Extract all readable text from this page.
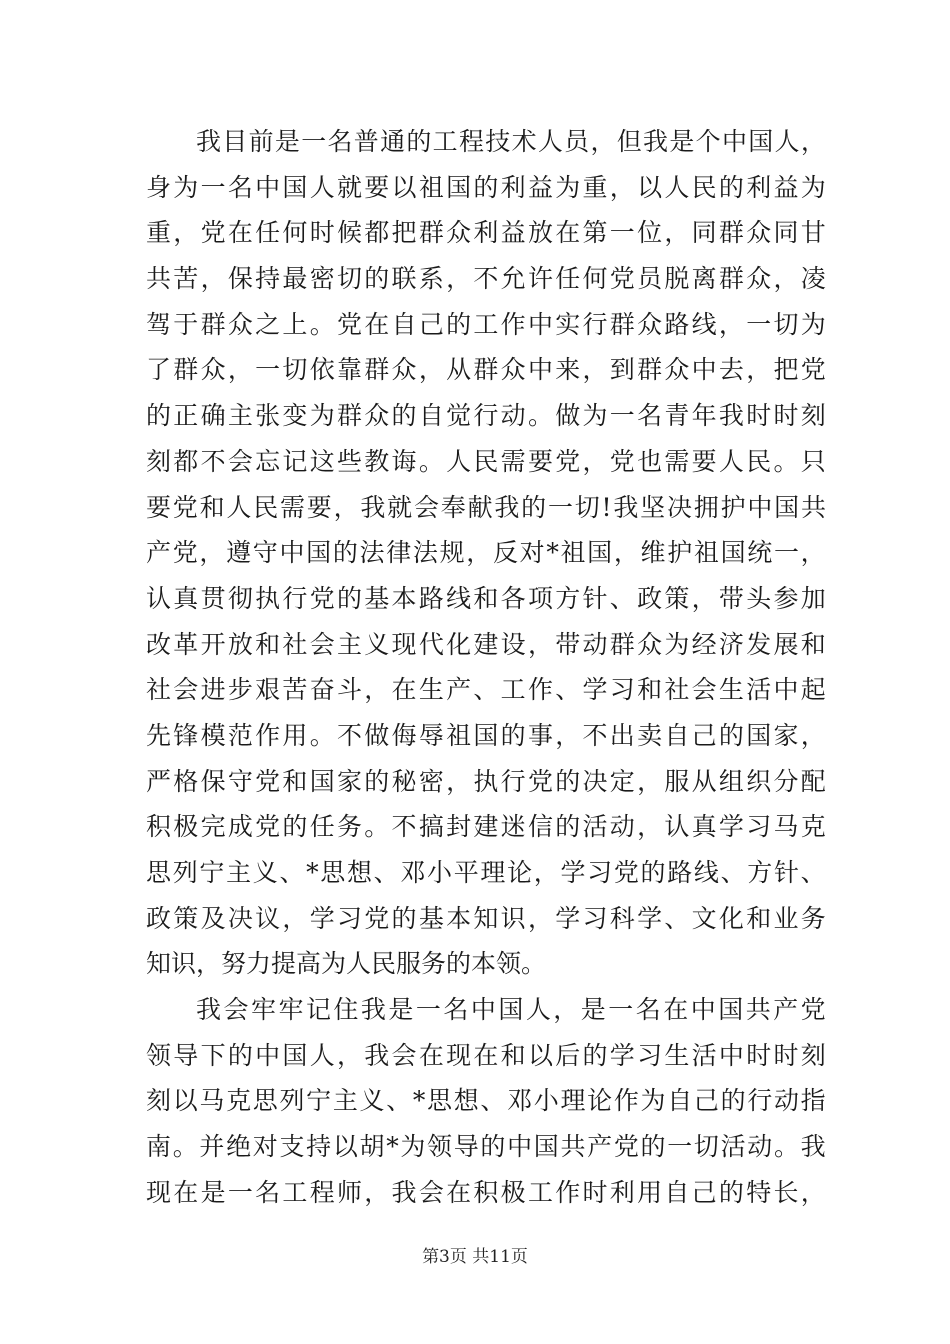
我 目 前 是 一 名 普 通 的 工 程 技 术 人 员 ， 但 我 是 个 中 国 人 ，
身 为 一 名 中 国 人 就 要 以 祖 国 的 利 益 为 重 ， 以 人 民 的 利 益 为
重 ， 党 在 任 何 时 候 都 把 群 众 利 益 放 在 第 一 位 ， 同 群 众 同 甘
共 苦 ， 保 持 最 密 切 的 联 系 ， 不 允 许 任 何 党 员 脱 离 群 众 ， 凌
驾 于 群 众 之 上 。 党 在 自 己 的 工 作 中 实 行 群 众 路 线 ， 一 切 为
了 群 众 ， 一 切 依 靠 群 众 ， 从 群 众 中 来 ， 到 群 众 中 去 ， 把 党
的 正 确 主 张 变 为 群 众 的 自 觉 行 动 。 做 为 一 名 青 年 我 时 时 刻
刻 都 不 会 忘 记 这 些 教 诲 。 人 民 需 要 党 ， 党 也 需 要 人 民 。 只
要 党 和 人 民 需 要 ， 我 就 会 奉 献 我 的 一 切 ! 我 坚 决 拥 护 中 国 共
产 党 ， 遵 守 中 国 的 法 律 法 规 ， 反 对 * 祖 国 ， 维 护 祖 国 统 一 ，
认 真 贯 彻 执 行 党 的 基 本 路 线 和 各 项 方 针 、 政 策 ， 带 头 参 加
改 革 开 放 和 社 会 主 义 现 代 化 建 设 ， 带 动 群 众 为 经 济 发 展 和
社 会 进 步 艰 苦 奋 斗 ， 在 生 产 、 工 作 、 学 习 和 社 会 生 活 中 起
先 锋 模 范 作 用 。 不 做 侮 辱 祖 国 的 事 ， 不 出 卖 自 己 的 国 家 ，
严 格 保 守 党 和 国 家 的 秘 密 ， 执 行 党 的 决 定 ， 服 从 组 织 分 配
积 极 完 成 党 的 任 务 。 不 搞 封 建 迷 信 的 活 动 ， 认 真 学 习 马 克
思 列 宁 主 义 、 * 思 想 、 邓 小 平 理 论 ， 学 习 党 的 路 线 、 方 针 、
政 策 及 决 议 ， 学 习 党 的 基 本 知 识 ， 学 习 科 学 、 文 化 和 业 务
知识，努力提高为人民服务的本领。
我 会 牢 牢 记 住 我 是 一 名 中 国 人 ， 是 一 名 在 中 国 共 产 党
领 导 下 的 中 国 人 ， 我 会 在 现 在 和 以 后 的 学 习 生 活 中 时 时 刻
刻 以 马 克 思 列 宁 主 义 、 * 思 想 、 邓 小 理 论 作 为 自 己 的 行 动 指
南 。 并 绝 对 支 持 以 胡 * 为 领 导 的 中 国 共 产 党 的 一 切 活 动 。 我
现 在 是 一 名 工 程 师 ， 我 会 在 积 极 工 作 时 利 用 自 己 的 特 长 ，
第3页 共11页
